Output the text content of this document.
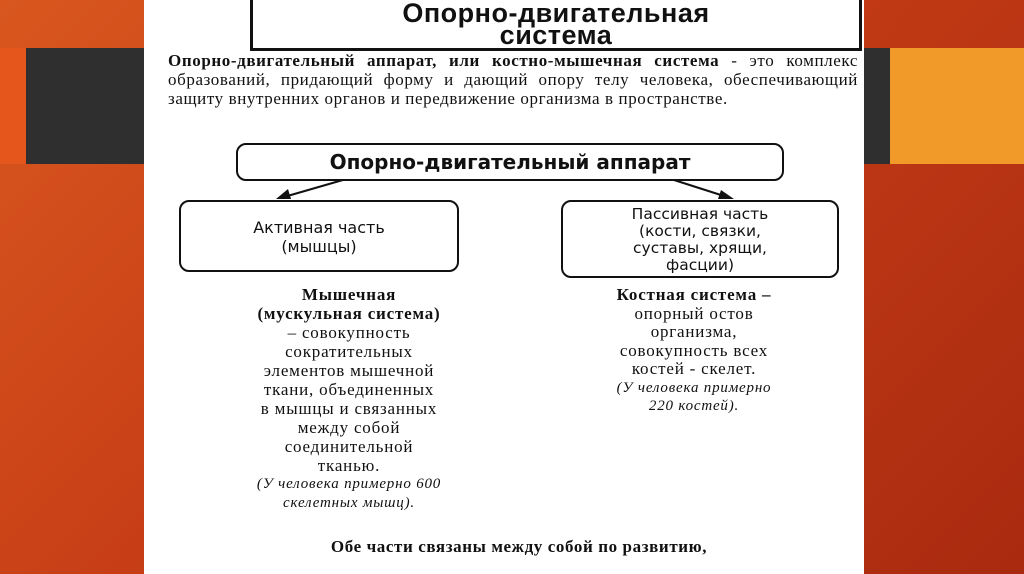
Опорно-двигательная
система
Опорно-двигательный аппарат, или костно-мышечная система - это комплекс образований, придающий форму и дающий опору телу человека, обеспечивающий защиту внутренних органов и передвижение организма в пространстве.
Опорно-двигательный аппарат
Активная часть
(мышцы)
Пассивная часть
(кости, связки,
суставы, хрящи,
фасции)
Мышечная
(мускульная система)
– совокупность
сократительных
элементов мышечной
ткани, объединенных
в мышцы и связанных
между собой
соединительной
тканью.
(У человека примерно 600
скелетных мышц).
Костная система –
опорный остов
организма,
совокупность всех
костей - скелет.
(У человека примерно
220 костей).
Обе части связаны между собой по развитию,
